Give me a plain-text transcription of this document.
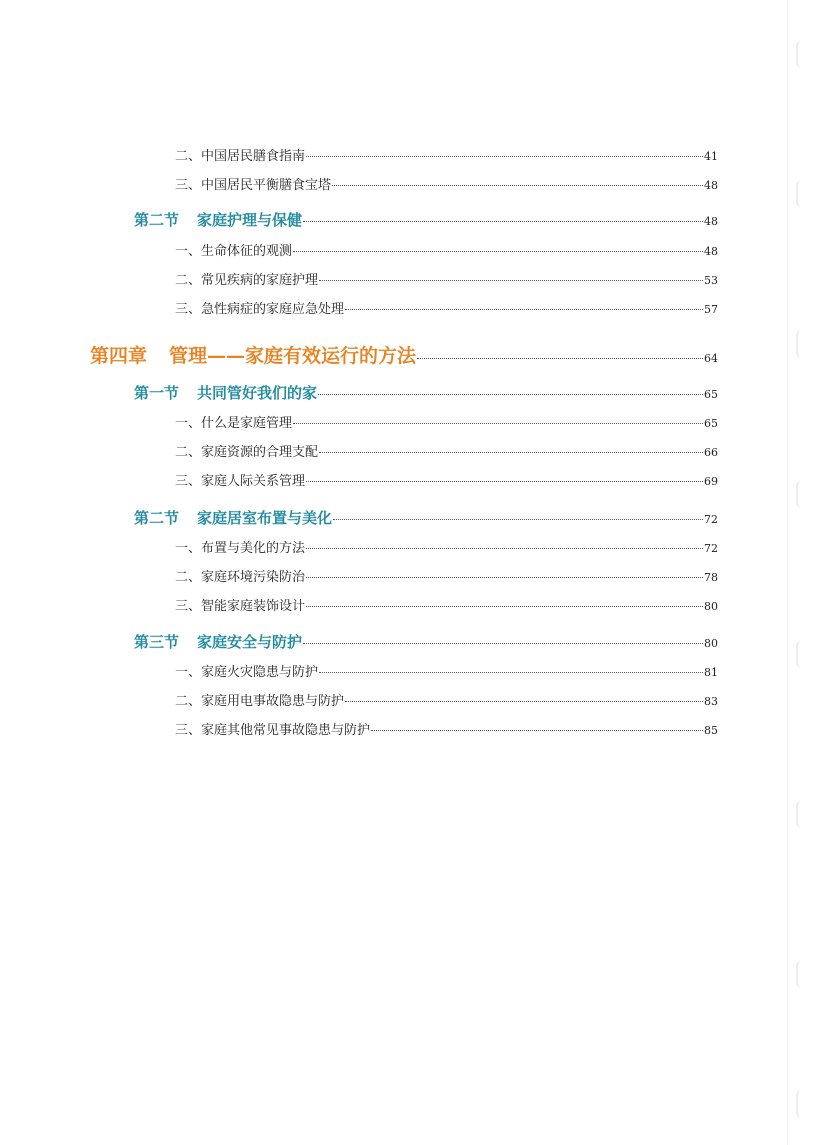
二、中国居民膳食指南	41
三、中国居民平衡膳食宝塔	48
第二节 家庭护理与保健	48
一、生命体征的观测	48
二、常见疾病的家庭护理	53
三、急性病症的家庭应急处理	57
第四章 管理——家庭有效运行的方法	64
第一节 共同管好我们的家	65
一、什么是家庭管理	65
二、家庭资源的合理支配	66
三、家庭人际关系管理	69
第二节 家庭居室布置与美化	72
一、布置与美化的方法	72
二、家庭环境污染防治	78
三、智能家庭装饰设计	80
第三节 家庭安全与防护	80
一、家庭火灾隐患与防护	81
二、家庭用电事故隐患与防护	83
三、家庭其他常见事故隐患与防护	85
